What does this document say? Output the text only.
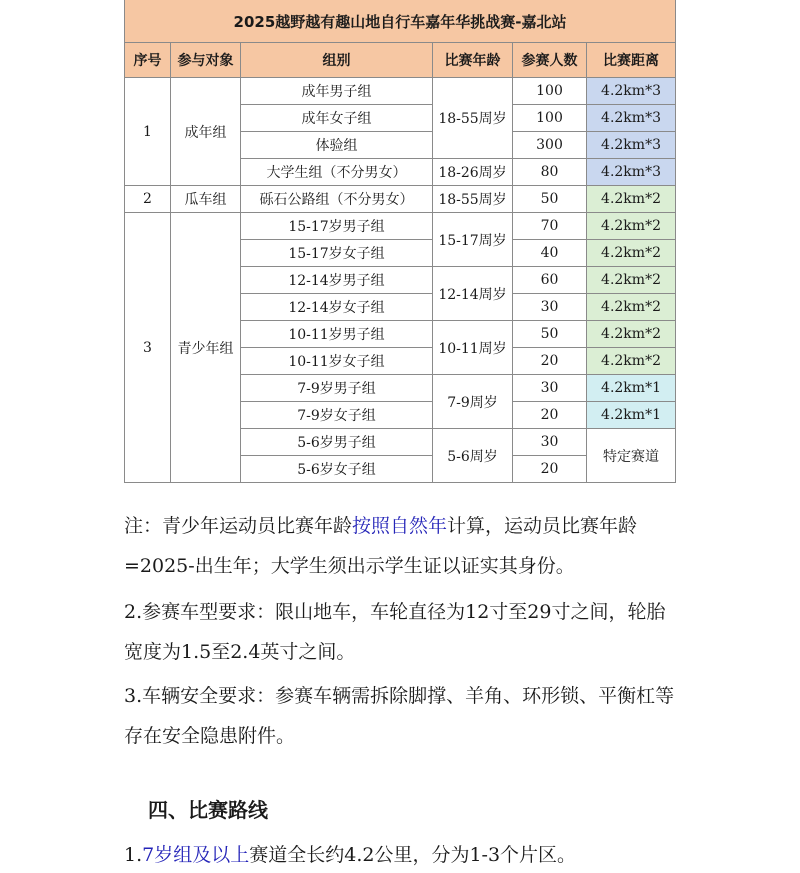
2025越野越有趣山地自行车嘉年华挑战赛-嘉北站					
序号	参与对象	组别	比赛年龄	参赛人数	比赛距离
1	成年组	成年男子组	18-55周岁	100	4.2km*3
		成年女子组		100	4.2km*3
		体验组		300	4.2km*3
		大学生组（不分男女）	18-26周岁	80	4.2km*3
2	瓜车组	砾石公路组（不分男女）	18-55周岁	50	4.2km*2
3	青少年组	15-17岁男子组	15-17周岁	70	4.2km*2
		15-17岁女子组		40	4.2km*2
		12-14岁男子组	12-14周岁	60	4.2km*2
		12-14岁女子组		30	4.2km*2
		10-11岁男子组	10-11周岁	50	4.2km*2
		10-11岁女子组		20	4.2km*2
		7-9岁男子组	7-9周岁	30	4.2km*1
		7-9岁女子组		20	4.2km*1
		5-6岁男子组	5-6周岁	30	特定赛道
		5-6岁女子组		20	

注：青少年运动员比赛年龄按照自然年计算，运动员比赛年龄=2025-出生年；大学生须出示学生证以证实其身份。

2.参赛车型要求：限山地车，车轮直径为12寸至29寸之间，轮胎宽度为1.5至2.4英寸之间。

3.车辆安全要求：参赛车辆需拆除脚撑、羊角、环形锁、平衡杠等存在安全隐患附件。

四、比赛路线
1.7岁组及以上赛道全长约4.2公里，分为1-3个片区。
